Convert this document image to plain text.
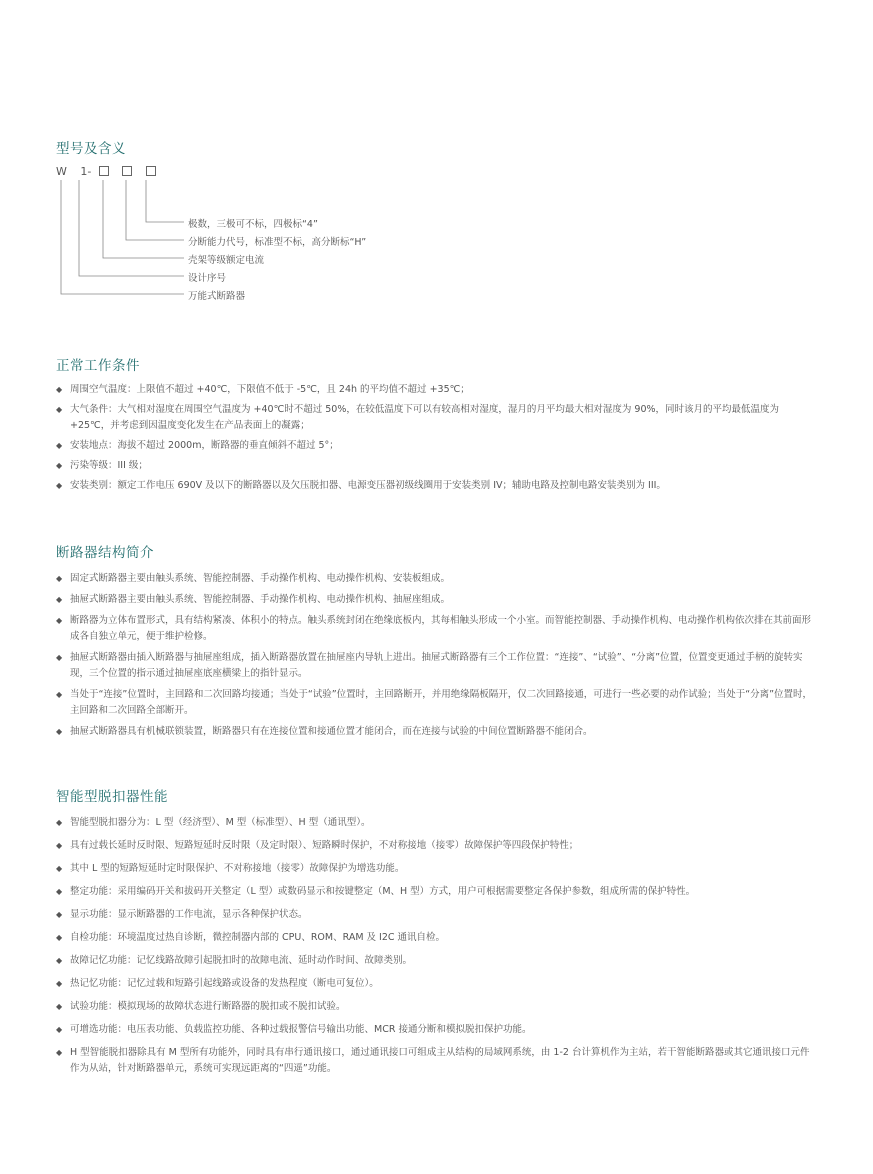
型号及含义
W 1-
极数，三极可不标，四极标“4”
分断能力代号，标准型不标，高分断标“H”
壳架等级额定电流
设计序号
万能式断路器
正常工作条件
◆ 周围空气温度：上限值不超过 +40℃，下限值不低于 -5℃，且 24h 的平均值不超过 +35℃；
◆ 大气条件：大气相对湿度在周围空气温度为 +40℃时不超过 50%，在较低温度下可以有较高相对湿度，湿月的月平均最大相对湿度为 90%，同时该月的平均最低温度为 +25℃，并考虑到因温度变化发生在产品表面上的凝露；
◆ 安装地点：海拔不超过 2000m，断路器的垂直倾斜不超过 5°；
◆ 污染等级：III 级；
◆ 安装类别：额定工作电压 690V 及以下的断路器以及欠压脱扣器、电源变压器初级线圈用于安装类别 IV；辅助电路及控制电路安装类别为 III。
断路器结构简介
◆ 固定式断路器主要由触头系统、智能控制器、手动操作机构、电动操作机构、安装板组成。
◆ 抽屉式断路器主要由触头系统、智能控制器、手动操作机构、电动操作机构、抽屉座组成。
◆ 断路器为立体布置形式，具有结构紧凑、体积小的特点。触头系统封闭在绝缘底板内，其每相触头形成一个小室。而智能控制器、手动操作机构、电动操作机构依次排在其前面形成各自独立单元，便于维护检修。
◆ 抽屉式断路器由插入断路器与抽屉座组成，插入断路器放置在抽屉座内导轨上进出。抽屉式断路器有三个工作位置：“连接”、“试验”、“分离”位置，位置变更通过手柄的旋转实现，三个位置的指示通过抽屉座底座横梁上的指针显示。
◆ 当处于“连接”位置时，主回路和二次回路均接通；当处于“试验”位置时，主回路断开，并用绝缘隔板隔开，仅二次回路接通，可进行一些必要的动作试验；当处于“分离”位置时，主回路和二次回路全部断开。
◆ 抽屉式断路器具有机械联锁装置，断路器只有在连接位置和接通位置才能闭合，而在连接与试验的中间位置断路器不能闭合。
智能型脱扣器性能
◆ 智能型脱扣器分为：L 型（经济型）、M 型（标准型）、H 型（通讯型）。
◆ 具有过载长延时反时限、短路短延时反时限（及定时限）、短路瞬时保护，不对称接地（接零）故障保护等四段保护特性；
◆ 其中 L 型的短路短延时定时限保护、不对称接地（接零）故障保护为增选功能。
◆ 整定功能：采用编码开关和拔码开关整定（L 型）或数码显示和按键整定（M、H 型）方式，用户可根据需要整定各保护参数，组成所需的保护特性。
◆ 显示功能：显示断路器的工作电流，显示各种保护状态。
◆ 自检功能：环境温度过热自诊断，微控制器内部的 CPU、ROM、RAM 及 I2C 通讯自检。
◆ 故障记忆功能：记忆线路故障引起脱扣时的故障电流、延时动作时间、故障类别。
◆ 热记忆功能：记忆过载和短路引起线路或设备的发热程度（断电可复位）。
◆ 试验功能：模拟现场的故障状态进行断路器的脱扣或不脱扣试验。
◆ 可增选功能：电压表功能、负载监控功能、各种过载报警信号输出功能、MCR 接通分断和模拟脱扣保护功能。
◆ H 型智能脱扣器除具有 M 型所有功能外，同时具有串行通讯接口，通过通讯接口可组成主从结构的局域网系统，由 1-2 台计算机作为主站，若干智能断路器或其它通讯接口元件作为从站，针对断路器单元，系统可实现远距离的“四遥”功能。
